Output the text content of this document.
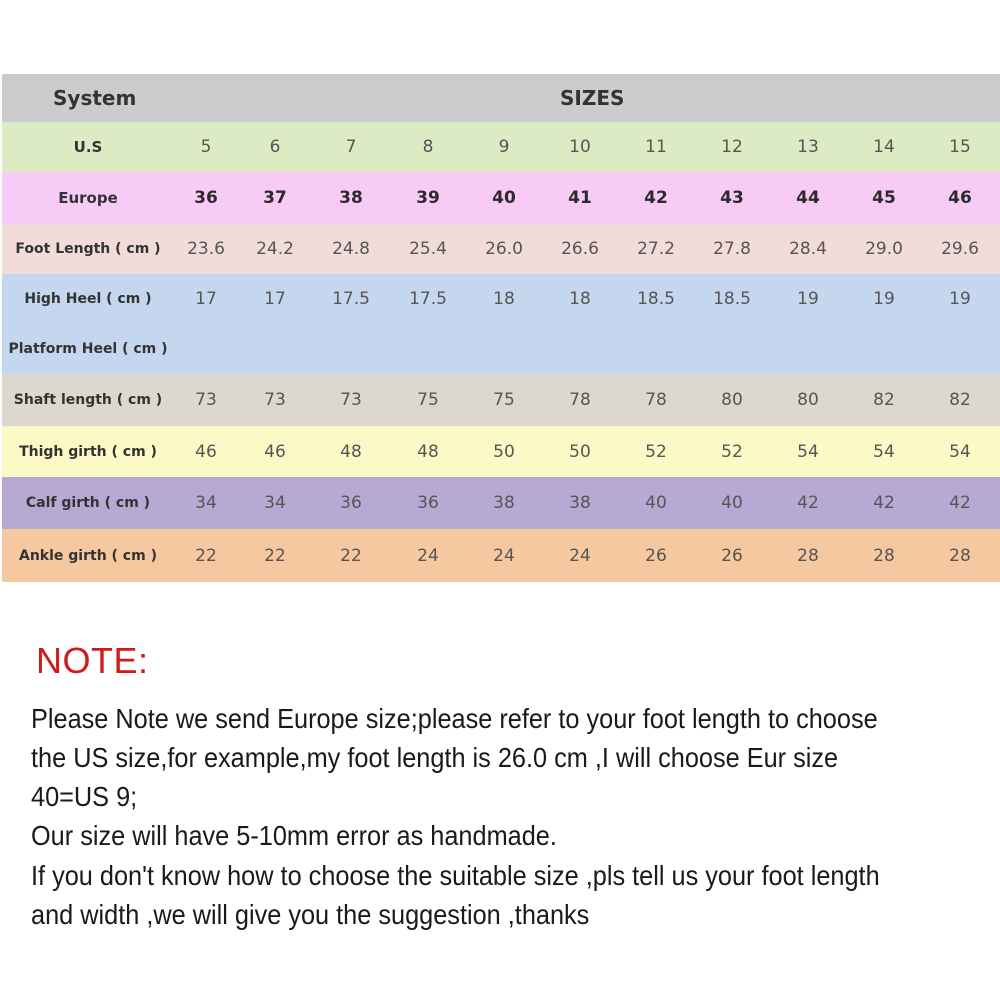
System	SIZES
U.S	5	6	7	8	9	10	11	12	13	14	15
Europe	36	37	38	39	40	41	42	43	44	45	46
Foot Length ( cm )	23.6	24.2	24.8	25.4	26.0	26.6	27.2	27.8	28.4	29.0	29.6
High Heel ( cm )	17	17	17.5	17.5	18	18	18.5	18.5	19	19	19
Platform Heel ( cm )
Shaft length ( cm )	73	73	73	75	75	78	78	80	80	82	82
Thigh girth ( cm )	46	46	48	48	50	50	52	52	54	54	54
Calf girth ( cm )	34	34	36	36	38	38	40	40	42	42	42
Ankle girth ( cm )	22	22	22	24	24	24	26	26	28	28	28
NOTE:
Please Note we send Europe size;please refer to your foot length to choose
the US size,for example,my foot length is 26.0 cm ,I will choose Eur size
40=US 9;
Our size will have 5-10mm error as handmade.
If you don't know how to choose the suitable size ,pls tell us your foot length
and width ,we will give you the suggestion ,thanks
